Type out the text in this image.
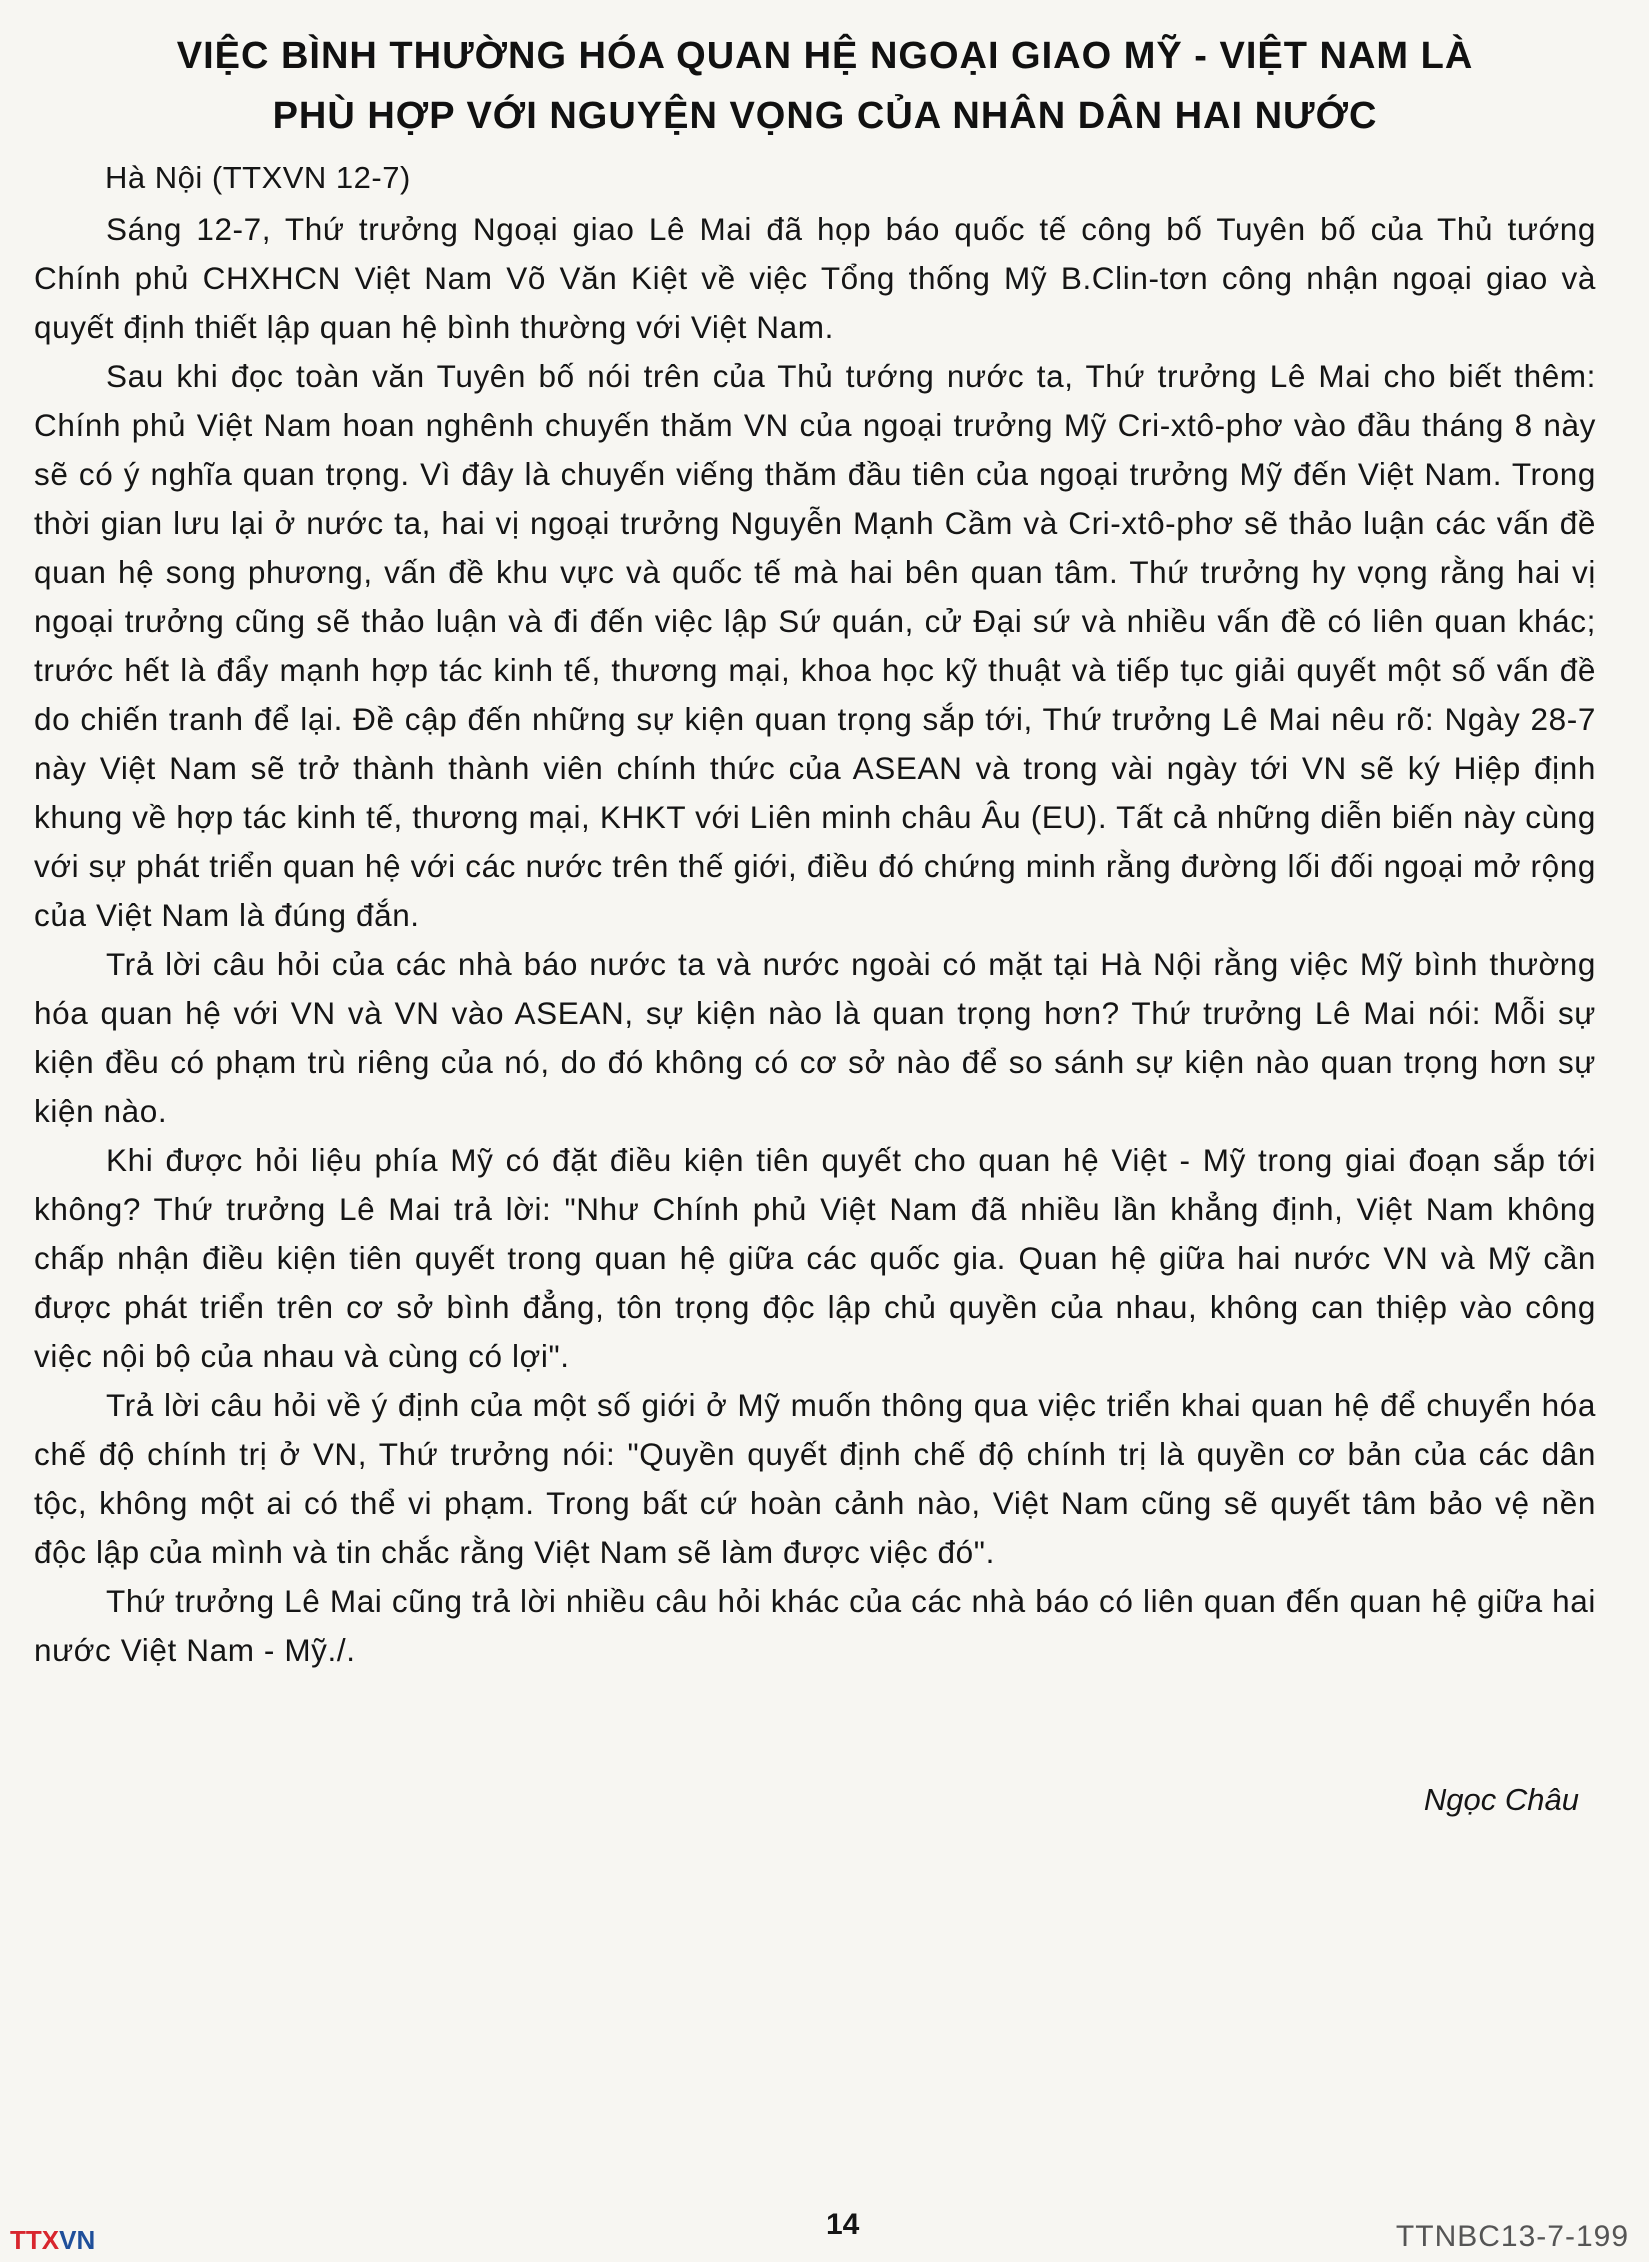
VIỆC BÌNH THƯỜNG HÓA QUAN HỆ NGOẠI GIAO MỸ - VIỆT NAM LÀ
PHÙ HỢP VỚI NGUYỆN VỌNG CỦA NHÂN DÂN HAI NƯỚC
Hà Nội (TTXVN 12-7)

Sáng 12-7, Thứ trưởng Ngoại giao Lê Mai đã họp báo quốc tế công bố Tuyên bố của Thủ tướng Chính phủ CHXHCN Việt Nam Võ Văn Kiệt về việc Tổng thống Mỹ B.Clin-tơn công nhận ngoại giao và quyết định thiết lập quan hệ bình thường với Việt Nam.

Sau khi đọc toàn văn Tuyên bố nói trên của Thủ tướng nước ta, Thứ trưởng Lê Mai cho biết thêm: Chính phủ Việt Nam hoan nghênh chuyến thăm VN của ngoại trưởng Mỹ Cri-xtô-phơ vào đầu tháng 8 này sẽ có ý nghĩa quan trọng. Vì đây là chuyến viếng thăm đầu tiên của ngoại trưởng Mỹ đến Việt Nam. Trong thời gian lưu lại ở nước ta, hai vị ngoại trưởng Nguyễn Mạnh Cầm và Cri-xtô-phơ sẽ thảo luận các vấn đề quan hệ song phương, vấn đề khu vực và quốc tế mà hai bên quan tâm. Thứ trưởng hy vọng rằng hai vị ngoại trưởng cũng sẽ thảo luận và đi đến việc lập Sứ quán, cử Đại sứ và nhiều vấn đề có liên quan khác; trước hết là đẩy mạnh hợp tác kinh tế, thương mại, khoa học kỹ thuật và tiếp tục giải quyết một số vấn đề do chiến tranh để lại. Đề cập đến những sự kiện quan trọng sắp tới, Thứ trưởng Lê Mai nêu rõ: Ngày 28-7 này Việt Nam sẽ trở thành thành viên chính thức của ASEAN và trong vài ngày tới VN sẽ ký Hiệp định khung về hợp tác kinh tế, thương mại, KHKT với Liên minh châu Âu (EU). Tất cả những diễn biến này cùng với sự phát triển quan hệ với các nước trên thế giới, điều đó chứng minh rằng đường lối đối ngoại mở rộng của Việt Nam là đúng đắn.

Trả lời câu hỏi của các nhà báo nước ta và nước ngoài có mặt tại Hà Nội rằng việc Mỹ bình thường hóa quan hệ với VN và VN vào ASEAN, sự kiện nào là quan trọng hơn? Thứ trưởng Lê Mai nói: Mỗi sự kiện đều có phạm trù riêng của nó, do đó không có cơ sở nào để so sánh sự kiện nào quan trọng hơn sự kiện nào.

Khi được hỏi liệu phía Mỹ có đặt điều kiện tiên quyết cho quan hệ Việt - Mỹ trong giai đoạn sắp tới không? Thứ trưởng Lê Mai trả lời: "Như Chính phủ Việt Nam đã nhiều lần khẳng định, Việt Nam không chấp nhận điều kiện tiên quyết trong quan hệ giữa các quốc gia. Quan hệ giữa hai nước VN và Mỹ cần được phát triển trên cơ sở bình đẳng, tôn trọng độc lập chủ quyền của nhau, không can thiệp vào công việc nội bộ của nhau và cùng có lợi".

Trả lời câu hỏi về ý định của một số giới ở Mỹ muốn thông qua việc triển khai quan hệ để chuyển hóa chế độ chính trị ở VN, Thứ trưởng nói: "Quyền quyết định chế độ chính trị là quyền cơ bản của các dân tộc, không một ai có thể vi phạm. Trong bất cứ hoàn cảnh nào, Việt Nam cũng sẽ quyết tâm bảo vệ nền độc lập của mình và tin chắc rằng Việt Nam sẽ làm được việc đó".

Thứ trưởng Lê Mai cũng trả lời nhiều câu hỏi khác của các nhà báo có liên quan đến quan hệ giữa hai nước Việt Nam - Mỹ./.

Ngọc Châu
TTXVN	14	TTNBC13-7-199
